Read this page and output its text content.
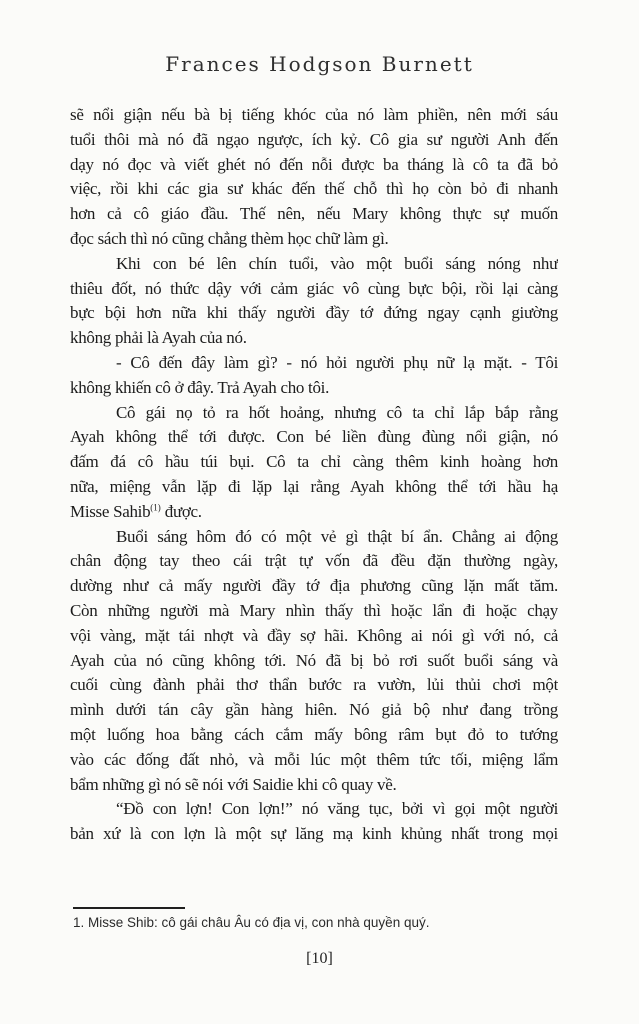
Frances Hodgson Burnett
sẽ nổi giận nếu bà bị tiếng khóc của nó làm phiền, nên mới sáu
tuổi thôi mà nó đã ngạo ngược, ích kỷ. Cô gia sư người Anh đến
dạy nó đọc và viết ghét nó đến nỗi được ba tháng là cô ta đã bỏ
việc, rồi khi các gia sư khác đến thế chỗ thì họ còn bỏ đi nhanh
hơn cả cô giáo đầu. Thế nên, nếu Mary không thực sự muốn
đọc sách thì nó cũng chẳng thèm học chữ làm gì.
Khi con bé lên chín tuổi, vào một buổi sáng nóng như
thiêu đốt, nó thức dậy với cảm giác vô cùng bực bội, rồi lại càng
bực bội hơn nữa khi thấy người đầy tớ đứng ngay cạnh giường
không phải là Ayah của nó.
- Cô đến đây làm gì? - nó hỏi người phụ nữ lạ mặt. - Tôi
không khiến cô ở đây. Trả Ayah cho tôi.
Cô gái nọ tỏ ra hốt hoảng, nhưng cô ta chỉ lắp bắp rằng
Ayah không thể tới được. Con bé liền đùng đùng nổi giận, nó
đấm đá cô hầu túi bụi. Cô ta chỉ càng thêm kinh hoàng hơn
nữa, miệng vẫn lặp đi lặp lại rằng Ayah không thể tới hầu hạ
Misse Sahib$^{(1)}$ được.
Buổi sáng hôm đó có một vẻ gì thật bí ẩn. Chẳng ai động
chân động tay theo cái trật tự vốn đã đều đặn thường ngày,
dường như cả mấy người đầy tớ địa phương cũng lặn mất tăm.
Còn những người mà Mary nhìn thấy thì hoặc lẩn đi hoặc chạy
vội vàng, mặt tái nhợt và đầy sợ hãi. Không ai nói gì với nó, cả
Ayah của nó cũng không tới. Nó đã bị bỏ rơi suốt buổi sáng và
cuối cùng đành phải thơ thẩn bước ra vườn, lủi thủi chơi một
mình dưới tán cây gần hàng hiên. Nó giả bộ như đang trồng
một luống hoa bằng cách cắm mấy bông râm bụt đỏ to tướng
vào các đống đất nhỏ, và mỗi lúc một thêm tức tối, miệng lẩm
bẩm những gì nó sẽ nói với Saidie khi cô quay về.
“Đồ con lợn! Con lợn!” nó văng tục, bởi vì gọi một người
bản xứ là con lợn là một sự lăng mạ kinh khủng nhất trong mọi
1. Misse Shib: cô gái châu Âu có địa vị, con nhà quyền quý.
[10]
